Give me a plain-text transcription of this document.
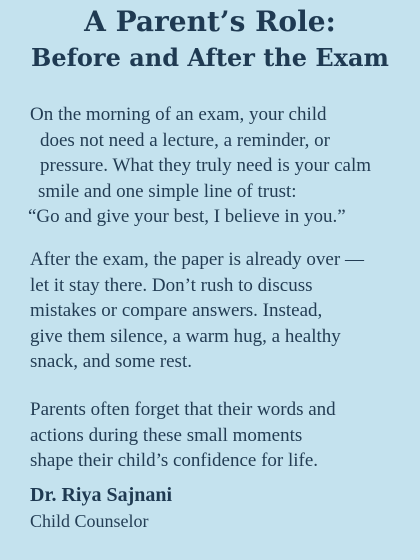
A Parent’s Role:
Before and After the Exam

On the morning of an exam, your child
does not need a lecture, a reminder, or
pressure. What they truly need is your calm
smile and one simple line of trust:
“Go and give your best, I believe in you.”

After the exam, the paper is already over —
let it stay there. Don’t rush to discuss
mistakes or compare answers. Instead,
give them silence, a warm hug, a healthy
snack, and some rest.

Parents often forget that their words and
actions during these small moments
shape their child’s confidence for life.

Dr. Riya Sajnani

Child Counselor
